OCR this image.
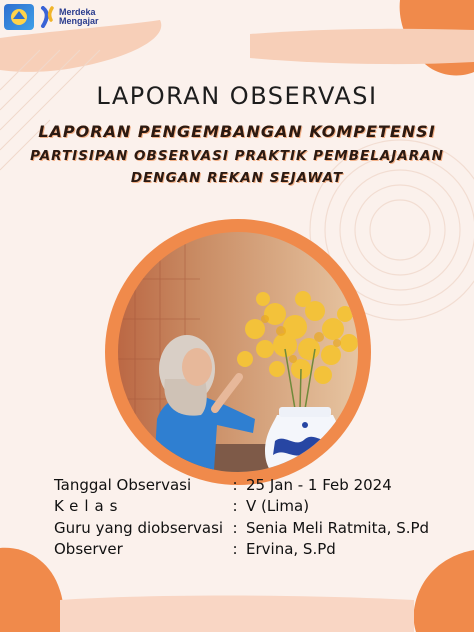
Merdeka
Mengajar
LAPORAN OBSERVASI
LAPORAN PENGEMBANGAN KOMPETENSI
PARTISIPAN OBSERVASI PRAKTIK PEMBELAJARAN
DENGAN REKAN SEJAWAT
Tanggal Observasi	: 25 Jan - 1 Feb 2024
Kelas	: V (Lima)
Guru yang diobservasi : Senia Meli Ratmita, S.Pd
Observer	: Ervina, S.Pd
